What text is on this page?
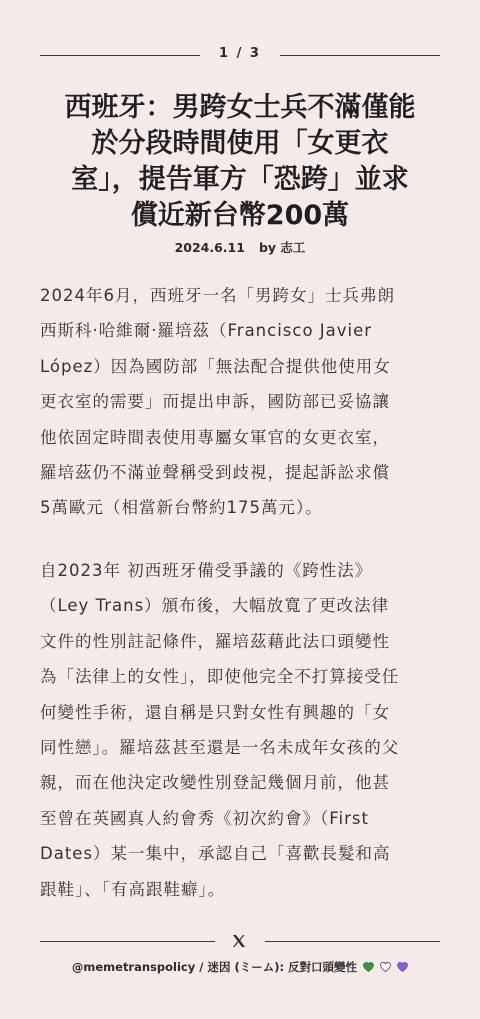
1 / 3
西班牙：男跨女士兵不滿僅能
於分段時間使用「女更衣
室」，提告軍方「恐跨」並求
償近新台幣200萬
2024.6.11 by 志工
2024年6月，西班牙一名「男跨女」士兵弗朗
西斯科·哈維爾·羅培茲（Francisco Javier
López）因為國防部「無法配合提供他使用女
更衣室的需要」而提出申訴，國防部已妥協讓
他依固定時間表使用專屬女軍官的女更衣室，
羅培茲仍不滿並聲稱受到歧視，提起訴訟求償
5萬歐元（相當新台幣約175萬元）。
自2023年 初西班牙備受爭議的《跨性法》
（Ley Trans）頒布後，大幅放寬了更改法律
文件的性別註記條件，羅培茲藉此法口頭變性
為「法律上的女性」，即使他完全不打算接受任
何變性手術，還自稱是只對女性有興趣的「女
同性戀」。羅培茲甚至還是一名未成年女孩的父
親，而在他決定改變性別登記幾個月前，他甚
至曾在英國真人約會秀《初次約會》（First
Dates）某一集中，承認自己「喜歡長髮和高
跟鞋」、「有高跟鞋癖」。
@memetranspolicy / 迷因 (ミーム): 反對口頭變性
